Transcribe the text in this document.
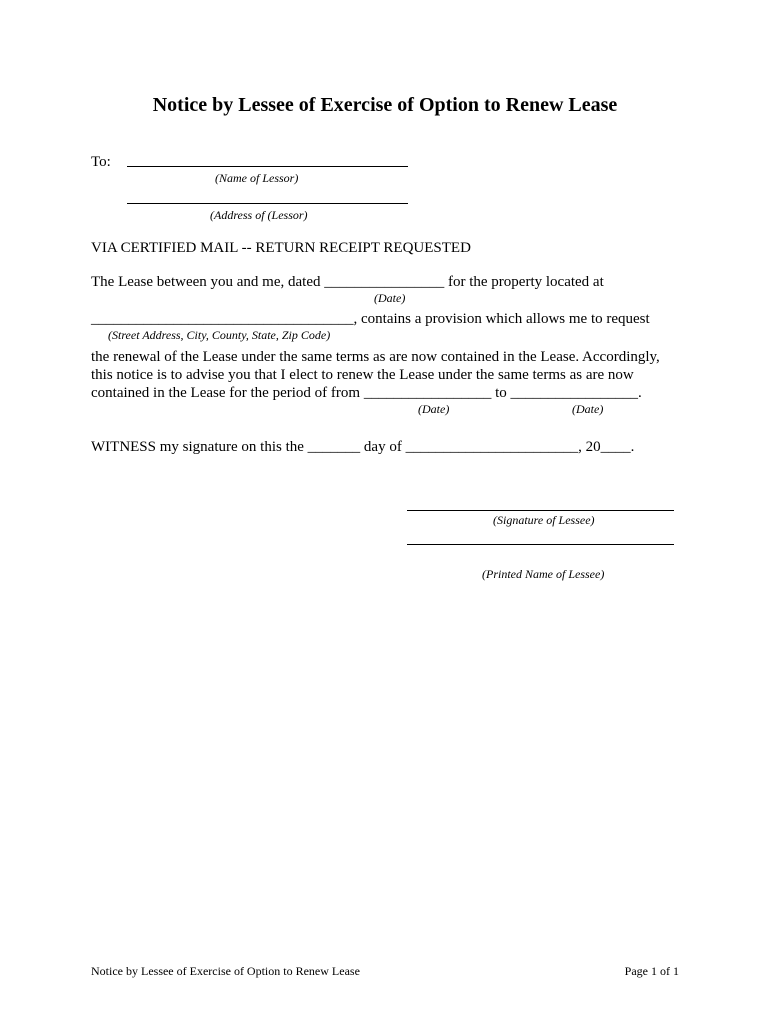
Notice by Lessee of Exercise of Option to Renew Lease
To:
(Name of Lessor)
(Address of (Lessor)
VIA CERTIFIED MAIL -- RETURN RECEIPT REQUESTED
The Lease between you and me, dated ________________ for the property located at
(Date)
___________________________________, contains a provision which allows me to request
(Street Address, City, County, State, Zip Code)
the renewal of the Lease under the same terms as are now contained in the Lease. Accordingly,
this notice is to advise you that I elect to renew the Lease under the same terms as are now
contained in the Lease for the period of from _________________ to _________________.
(Date)	(Date)
WITNESS my signature on this the _______ day of _______________________, 20____.
(Signature of Lessee)
(Printed Name of Lessee)
Notice by Lessee of Exercise of Option to Renew Lease	Page 1 of 1
